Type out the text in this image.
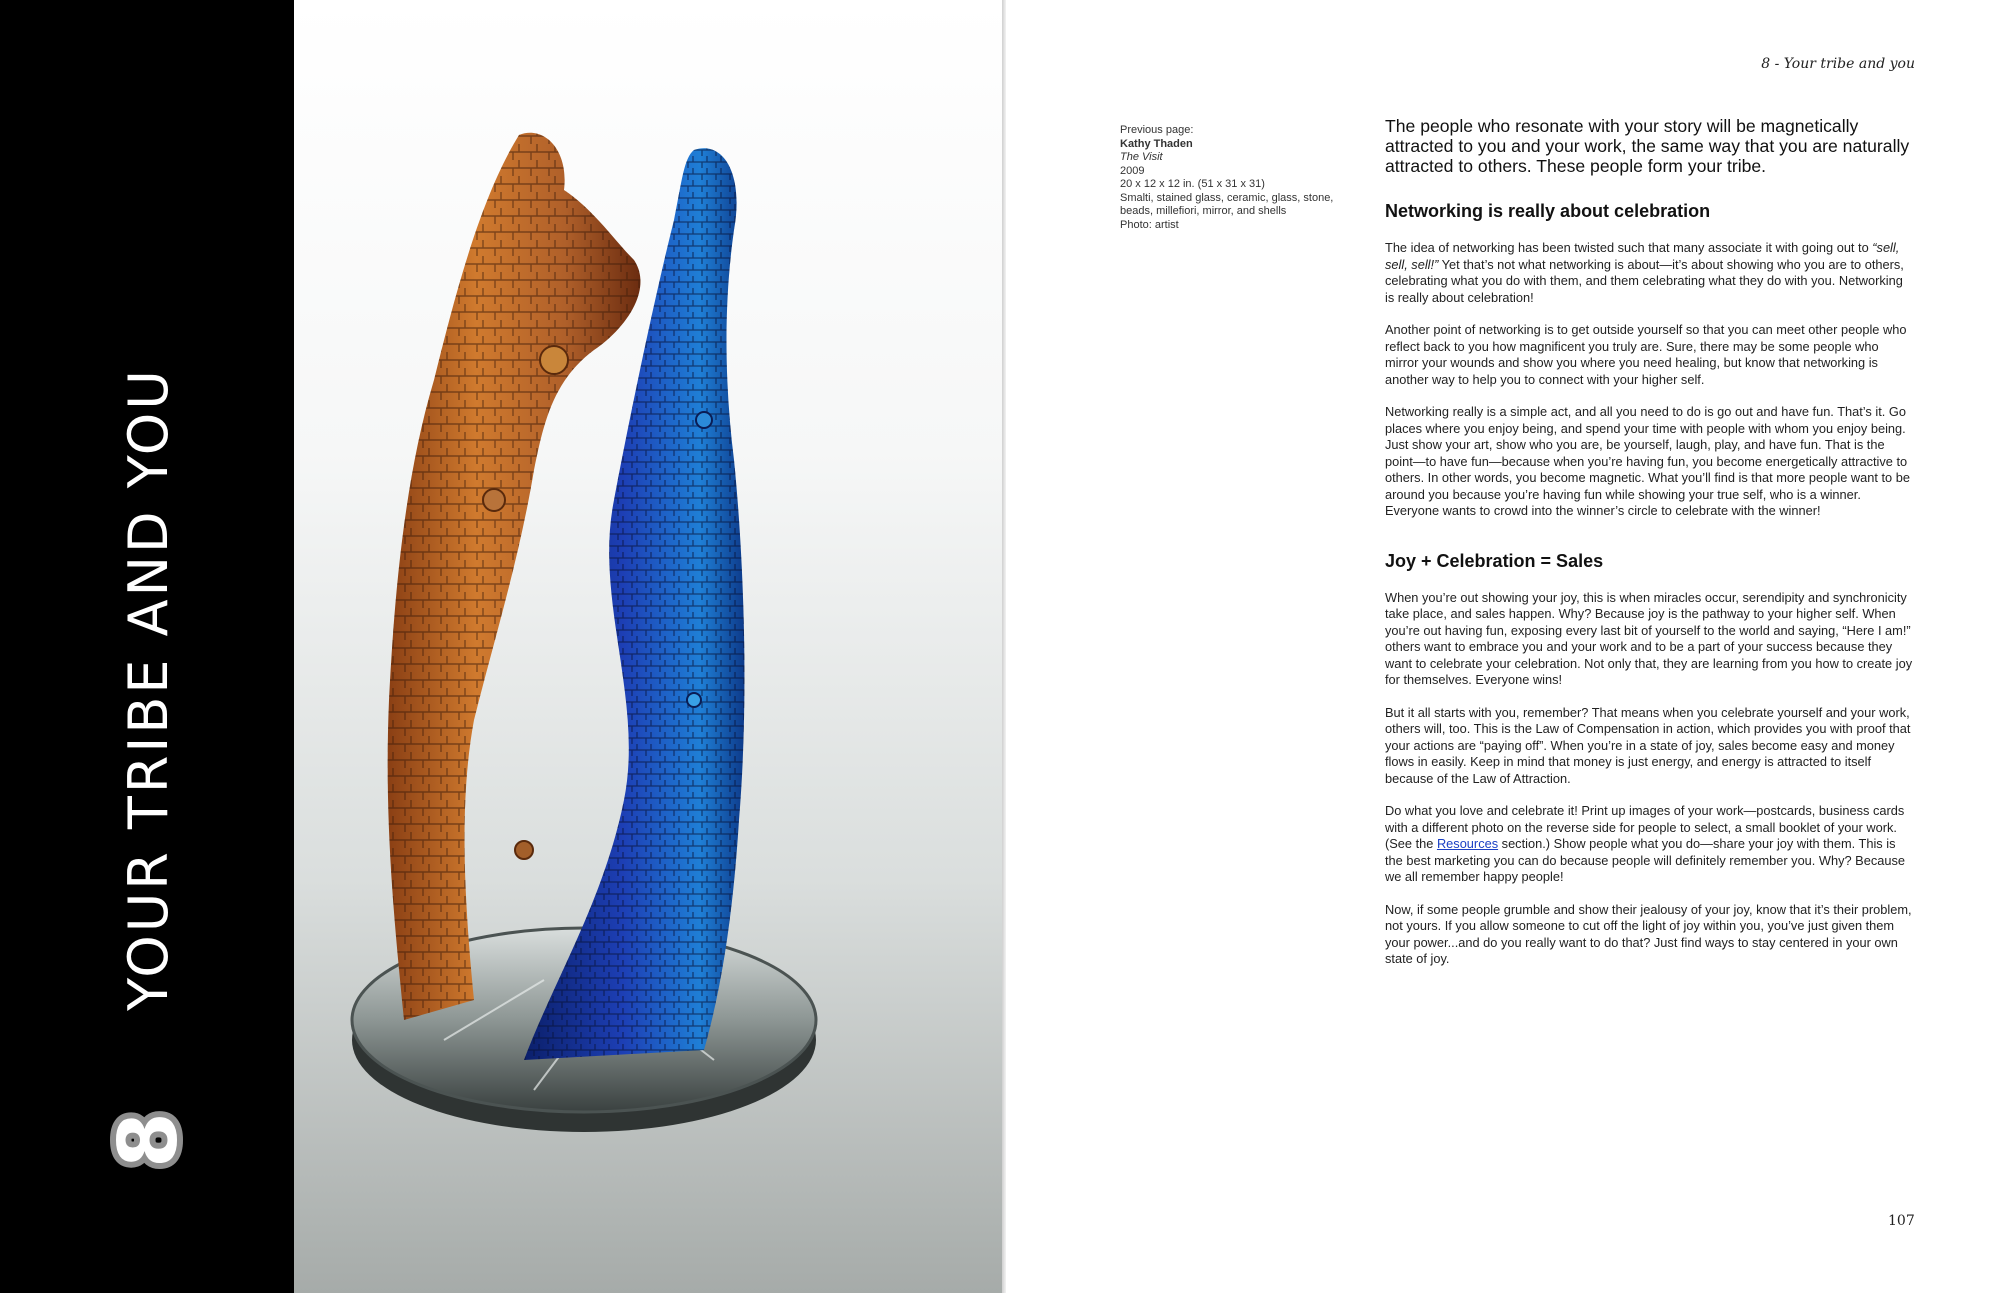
YOUR TRIBE AND YOU
8
8 - Your tribe and you
Previous page:
Kathy Thaden
The Visit
2009
20 x 12 x 12 in. (51 x 31 x 31)
Smalti, stained glass, ceramic, glass, stone,
beads, millefiori, mirror, and shells
Photo: artist

The people who resonate with your story will be magnetically attracted to you and your work, the same way that you are naturally attracted to others. These people form your tribe.

Networking is really about celebration

The idea of networking has been twisted such that many associate it with going out to “sell, sell, sell!” Yet that’s not what networking is about—it’s about showing who you are to others, celebrating what you do with them, and them celebrating what they do with you. Networking is really about celebration!

Another point of networking is to get outside yourself so that you can meet other people who reflect back to you how magnificent you truly are. Sure, there may be some people who mirror your wounds and show you where you need healing, but know that networking is another way to help you to connect with your higher self.

Networking really is a simple act, and all you need to do is go out and have fun. That’s it. Go places where you enjoy being, and spend your time with people with whom you enjoy being. Just show your art, show who you are, be yourself, laugh, play, and have fun. That is the point—to have fun—because when you’re having fun, you become energetically attractive to others. In other words, you become magnetic. What you’ll find is that more people want to be around you because you’re having fun while showing your true self, who is a winner. Everyone wants to crowd into the winner’s circle to celebrate with the winner!

Joy + Celebration = Sales

When you’re out showing your joy, this is when miracles occur, serendipity and synchronicity take place, and sales happen. Why? Because joy is the pathway to your higher self. When you’re out having fun, exposing every last bit of yourself to the world and saying, “Here I am!” others want to embrace you and your work and to be a part of your success because they want to celebrate your celebration. Not only that, they are learning from you how to create joy for themselves. Everyone wins!

But it all starts with you, remember? That means when you celebrate yourself and your work, others will, too. This is the Law of Compensation in action, which provides you with proof that your actions are “paying off”. When you’re in a state of joy, sales become easy and money flows in easily. Keep in mind that money is just energy, and energy is attracted to itself because of the Law of Attraction.

Do what you love and celebrate it! Print up images of your work—postcards, business cards with a different photo on the reverse side for people to select, a small booklet of your work. (See the Resources section.) Show people what you do—share your joy with them. This is the best marketing you can do because people will definitely remember you. Why? Because we all remember happy people!

Now, if some people grumble and show their jealousy of your joy, know that it’s their problem, not yours. If you allow someone to cut off the light of joy within you, you’ve just given them your power...and do you really want to do that? Just find ways to stay centered in your own state of joy.

107
